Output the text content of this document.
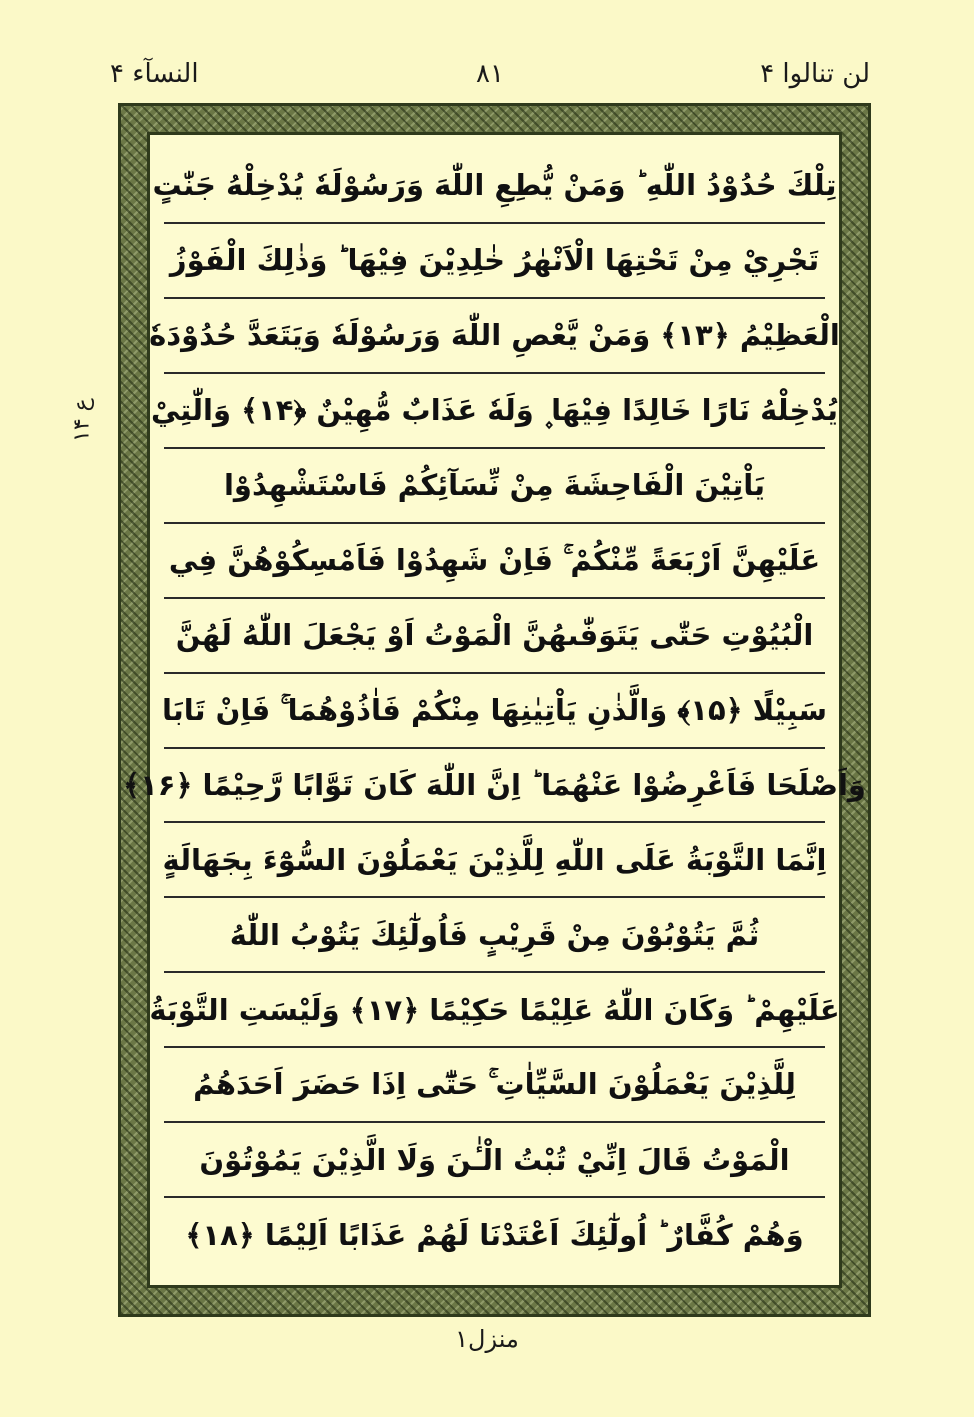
لن تنالوا ۴
۸۱
النسآء ۴
ع ۱۴
تِلْكَ حُدُوْدُ اللّٰهِ ؕ وَمَنْ يُّطِعِ اللّٰهَ وَرَسُوْلَهٗ يُدْخِلْهُ جَنّٰتٍ
تَجْرِيْ مِنْ تَحْتِهَا الْاَنْهٰرُ خٰلِدِيْنَ فِيْهَا ؕ وَذٰلِكَ الْفَوْزُ
الْعَظِيْمُ ﴿۱۳﴾ وَمَنْ يَّعْصِ اللّٰهَ وَرَسُوْلَهٗ وَيَتَعَدَّ حُدُوْدَهٗ
يُدْخِلْهُ نَارًا خَالِدًا فِيْهَا ۪ وَلَهٗ عَذَابٌ مُّهِيْنٌ ﴿۱۴﴾ وَالّٰتِيْ
يَاْتِيْنَ الْفَاحِشَةَ مِنْ نِّسَآئِكُمْ فَاسْتَشْهِدُوْا
عَلَيْهِنَّ اَرْبَعَةً مِّنْكُمْ ۚ فَاِنْ شَهِدُوْا فَاَمْسِكُوْهُنَّ فِي
الْبُيُوْتِ حَتّٰى يَتَوَفّٰىهُنَّ الْمَوْتُ اَوْ يَجْعَلَ اللّٰهُ لَهُنَّ
سَبِيْلًا ﴿۱۵﴾ وَالَّذٰنِ يَاْتِيٰنِهَا مِنْكُمْ فَاٰذُوْهُمَا ۚ فَاِنْ تَابَا
وَاَصْلَحَا فَاَعْرِضُوْا عَنْهُمَا ؕ اِنَّ اللّٰهَ كَانَ تَوَّابًا رَّحِيْمًا ﴿۱۶﴾
اِنَّمَا التَّوْبَةُ عَلَى اللّٰهِ لِلَّذِيْنَ يَعْمَلُوْنَ السُّوْٓءَ بِجَهَالَةٍ
ثُمَّ يَتُوْبُوْنَ مِنْ قَرِيْبٍ فَاُولٰٓئِكَ يَتُوْبُ اللّٰهُ
عَلَيْهِمْ ؕ وَكَانَ اللّٰهُ عَلِيْمًا حَكِيْمًا ﴿۱۷﴾ وَلَيْسَتِ التَّوْبَةُ
لِلَّذِيْنَ يَعْمَلُوْنَ السَّيِّاٰتِ ۚ حَتّٰٓى اِذَا حَضَرَ اَحَدَهُمُ
الْمَوْتُ قَالَ اِنِّيْ تُبْتُ الْـٰٔنَ وَلَا الَّذِيْنَ يَمُوْتُوْنَ
وَهُمْ كُفَّارٌ ؕ اُولٰٓئِكَ اَعْتَدْنَا لَهُمْ عَذَابًا اَلِيْمًا ﴿۱۸﴾
منزل۱
